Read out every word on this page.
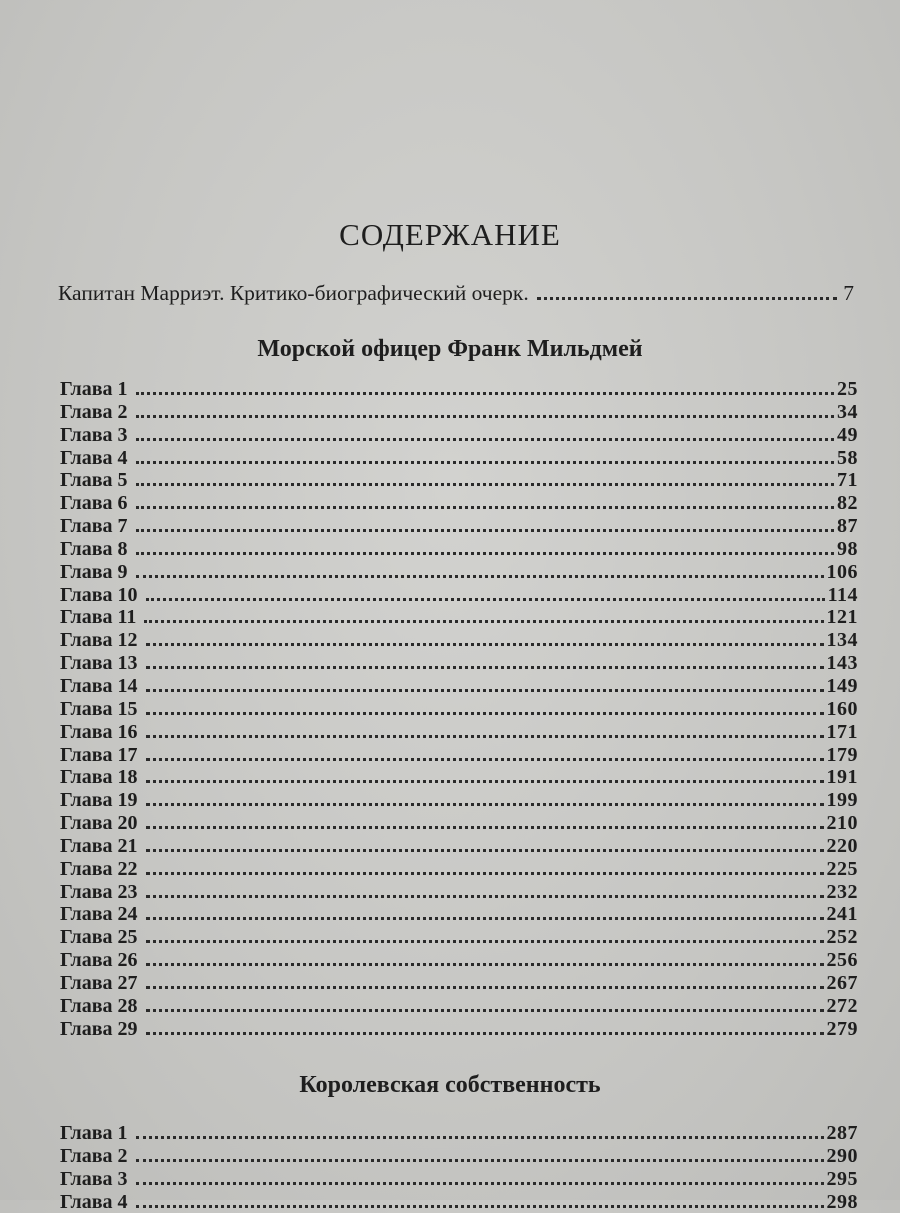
СОДЕРЖАНИЕ
Капитан Марриэт. Критико-биографический очерк.	7
Морской офицер Франк Мильдмей
Глава 1	25
Глава 2	34
Глава 3	49
Глава 4	58
Глава 5	71
Глава 6	82
Глава 7	87
Глава 8	98
Глава 9	106
Глава 10	114
Глава 11	121
Глава 12	134
Глава 13	143
Глава 14	149
Глава 15	160
Глава 16	171
Глава 17	179
Глава 18	191
Глава 19	199
Глава 20	210
Глава 21	220
Глава 22	225
Глава 23	232
Глава 24	241
Глава 25	252
Глава 26	256
Глава 27	267
Глава 28	272
Глава 29	279
Королевская собственность
Глава 1	287
Глава 2	290
Глава 3	295
Глава 4	298
